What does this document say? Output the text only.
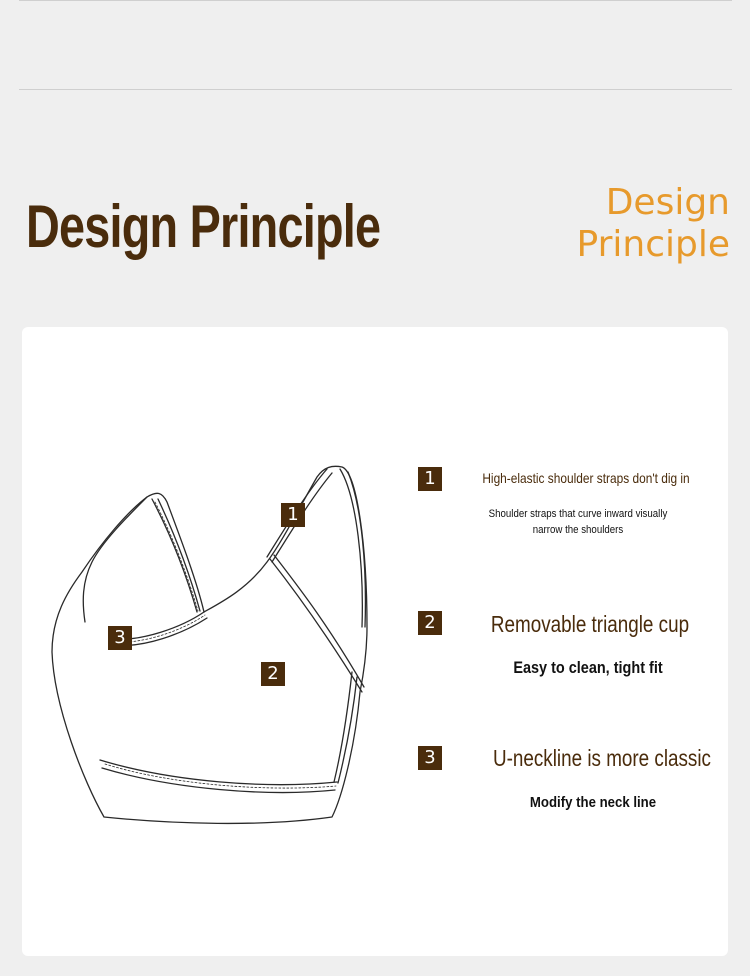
Design Principle	Design
Principle
1
2
3
1	High-elastic shoulder straps don't dig in
Shoulder straps that curve inward visually narrow the shoulders
2	Removable triangle cup
Easy to clean, tight fit
3 U-neckline is more classic
Modify the neck line
